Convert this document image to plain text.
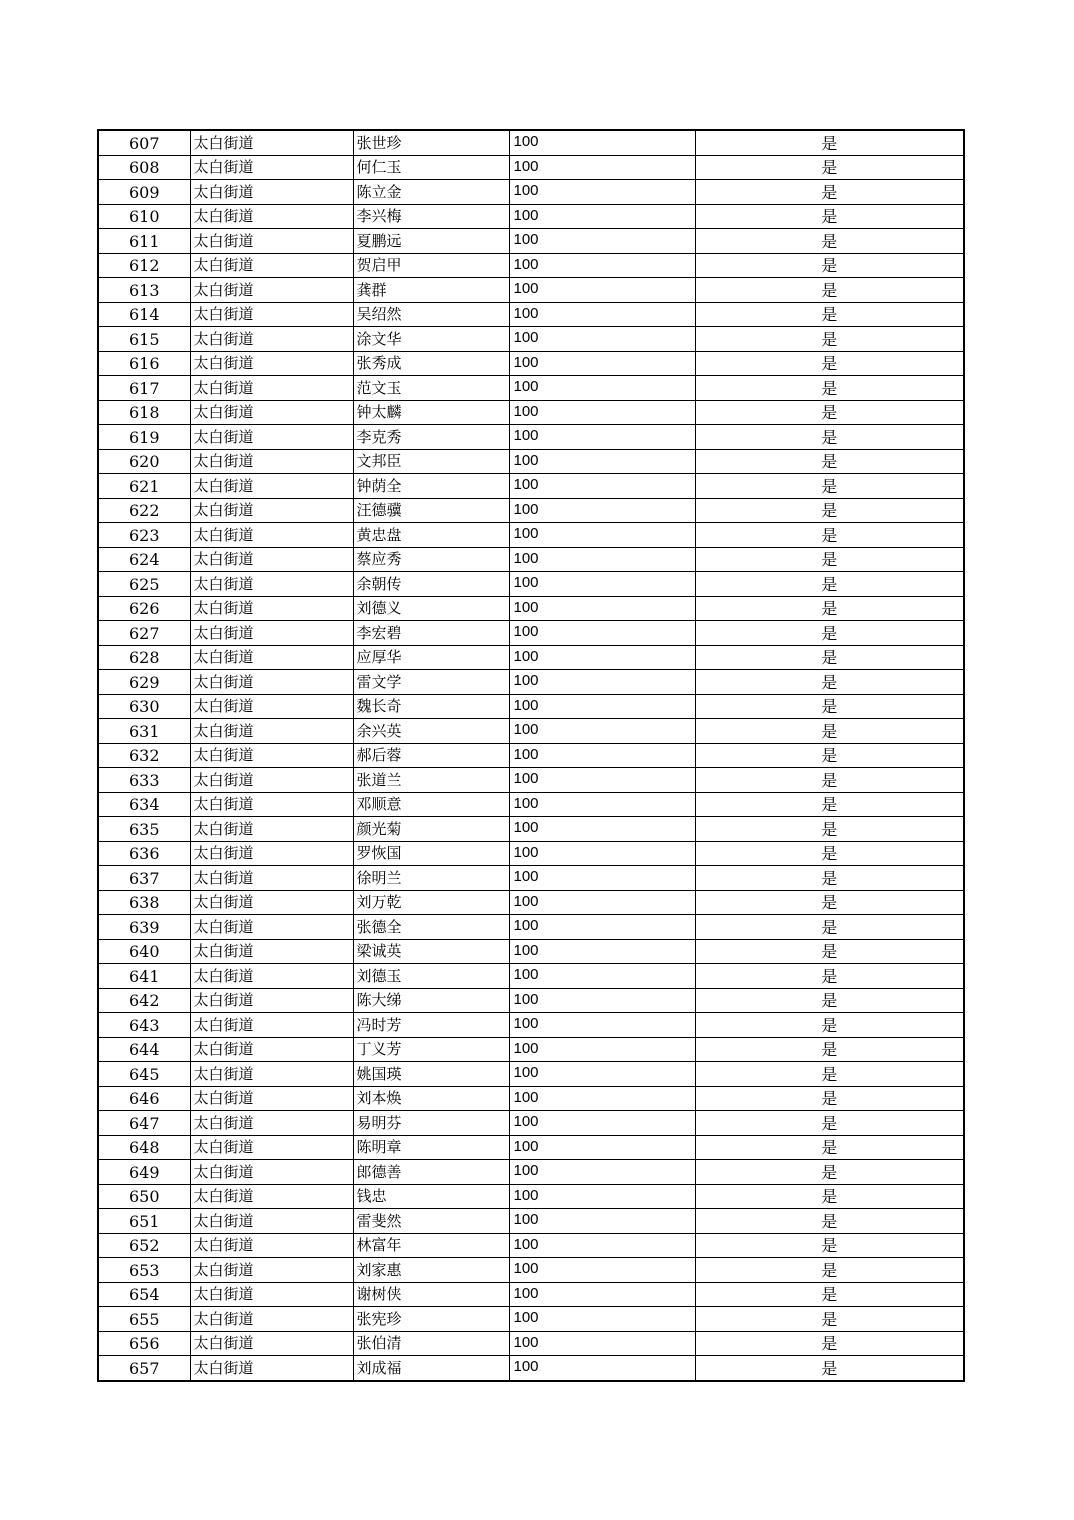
607	太白街道	张世珍	100	是
608	太白街道	何仁玉	100	是
609	太白街道	陈立金	100	是
610	太白街道	李兴梅	100	是
611	太白街道	夏鹏远	100	是
612	太白街道	贺启甲	100	是
613	太白街道	龚群	100	是
614	太白街道	吴绍然	100	是
615	太白街道	涂文华	100	是
616	太白街道	张秀成	100	是
617	太白街道	范文玉	100	是
618	太白街道	钟太麟	100	是
619	太白街道	李克秀	100	是
620	太白街道	文邦臣	100	是
621	太白街道	钟荫全	100	是
622	太白街道	汪德骥	100	是
623	太白街道	黄忠盘	100	是
624	太白街道	蔡应秀	100	是
625	太白街道	余朝传	100	是
626	太白街道	刘德义	100	是
627	太白街道	李宏碧	100	是
628	太白街道	应厚华	100	是
629	太白街道	雷文学	100	是
630	太白街道	魏长奇	100	是
631	太白街道	余兴英	100	是
632	太白街道	郝后蓉	100	是
633	太白街道	张道兰	100	是
634	太白街道	邓顺意	100	是
635	太白街道	颜光菊	100	是
636	太白街道	罗恢国	100	是
637	太白街道	徐明兰	100	是
638	太白街道	刘万乾	100	是
639	太白街道	张德全	100	是
640	太白街道	梁诚英	100	是
641	太白街道	刘德玉	100	是
642	太白街道	陈大绨	100	是
643	太白街道	冯时芳	100	是
644	太白街道	丁义芳	100	是
645	太白街道	姚国瑛	100	是
646	太白街道	刘本焕	100	是
647	太白街道	易明芬	100	是
648	太白街道	陈明章	100	是
649	太白街道	郎德善	100	是
650	太白街道	钱忠	100	是
651	太白街道	雷斐然	100	是
652	太白街道	林富年	100	是
653	太白街道	刘家惠	100	是
654	太白街道	谢树侠	100	是
655	太白街道	张宪珍	100	是
656	太白街道	张伯清	100	是
657	太白街道	刘成福	100	是
